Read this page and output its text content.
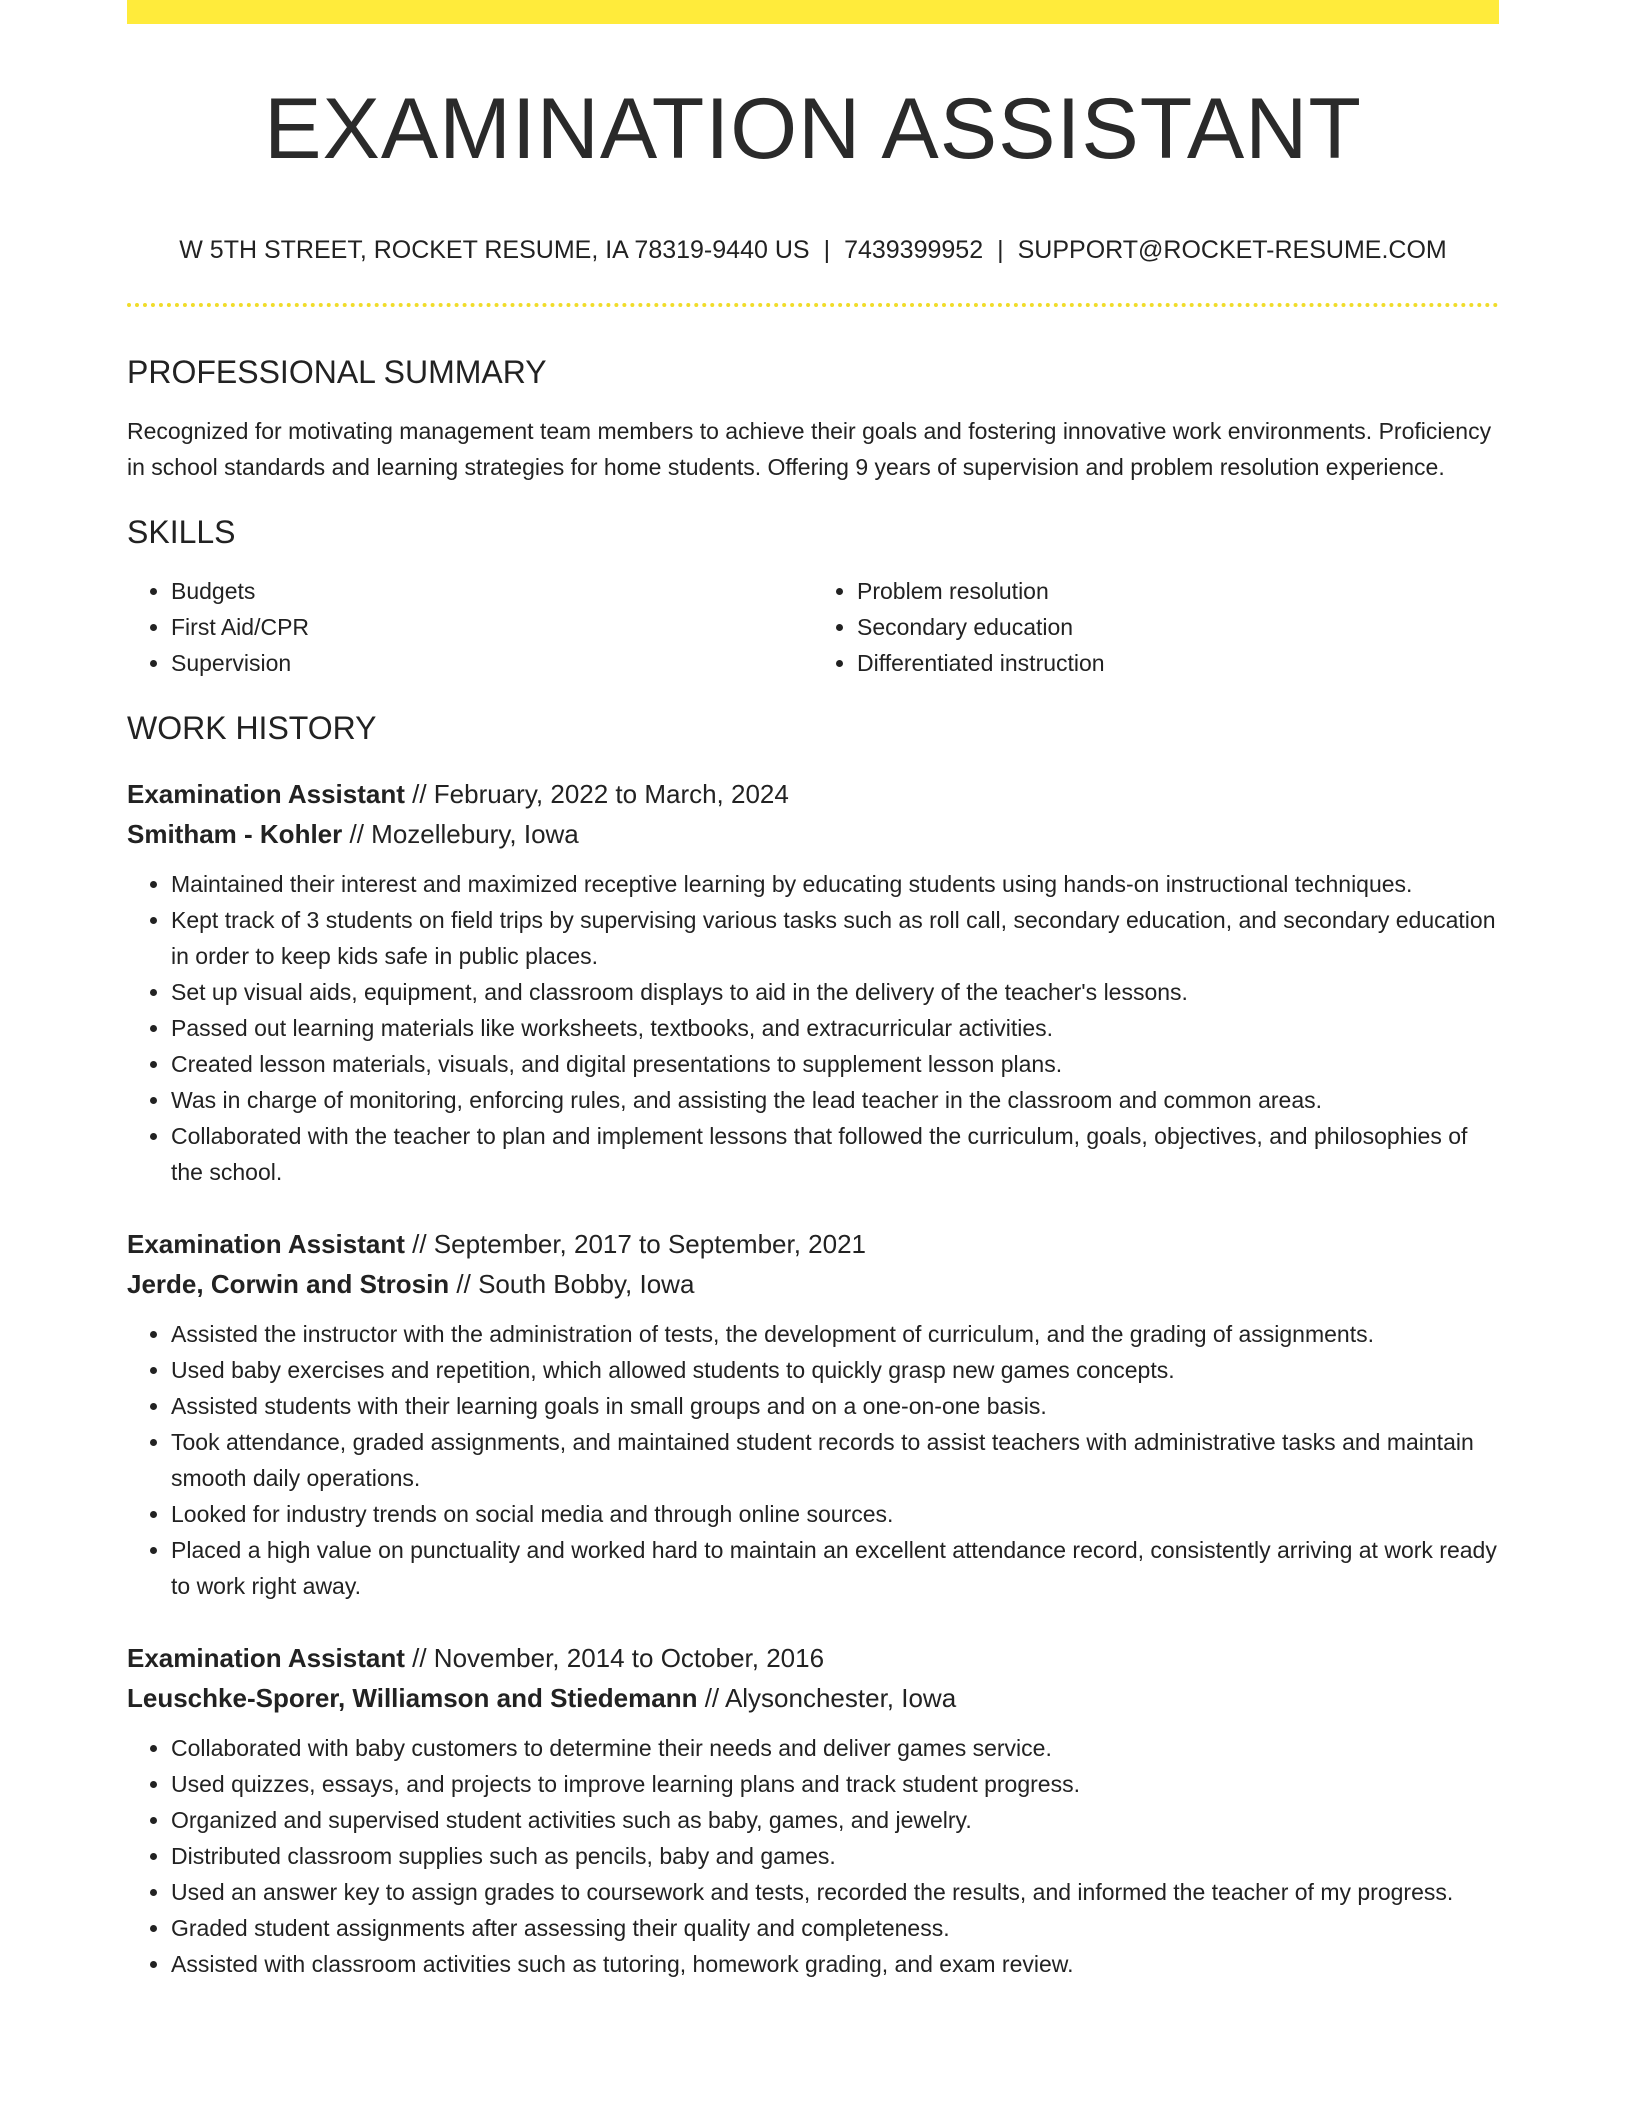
EXAMINATION ASSISTANT
W 5TH STREET, ROCKET RESUME, IA 78319-9440 US | 7439399952 | SUPPORT@ROCKET-RESUME.COM
PROFESSIONAL SUMMARY

Recognized for motivating management team members to achieve their goals and fostering innovative work environments. Proficiency in school standards and learning strategies for home students. Offering 9 years of supervision and problem resolution experience.

SKILLS
• Budgets
• First Aid/CPR
• Supervision
• Problem resolution
• Secondary education
• Differentiated instruction
WORK HISTORY
Examination Assistant // February, 2022 to March, 2024
Smitham - Kohler // Mozellebury, Iowa
• Maintained their interest and maximized receptive learning by educating students using hands-on instructional techniques.
• Kept track of 3 students on field trips by supervising various tasks such as roll call, secondary education, and secondary education in order to keep kids safe in public places.
• Set up visual aids, equipment, and classroom displays to aid in the delivery of the teacher's lessons.
• Passed out learning materials like worksheets, textbooks, and extracurricular activities.
• Created lesson materials, visuals, and digital presentations to supplement lesson plans.
• Was in charge of monitoring, enforcing rules, and assisting the lead teacher in the classroom and common areas.
• Collaborated with the teacher to plan and implement lessons that followed the curriculum, goals, objectives, and philosophies of the school.
Examination Assistant // September, 2017 to September, 2021
Jerde, Corwin and Strosin // South Bobby, Iowa
• Assisted the instructor with the administration of tests, the development of curriculum, and the grading of assignments.
• Used baby exercises and repetition, which allowed students to quickly grasp new games concepts.
• Assisted students with their learning goals in small groups and on a one-on-one basis.
• Took attendance, graded assignments, and maintained student records to assist teachers with administrative tasks and maintain smooth daily operations.
• Looked for industry trends on social media and through online sources.
• Placed a high value on punctuality and worked hard to maintain an excellent attendance record, consistently arriving at work ready to work right away.
Examination Assistant // November, 2014 to October, 2016
Leuschke-Sporer, Williamson and Stiedemann // Alysonchester, Iowa
• Collaborated with baby customers to determine their needs and deliver games service.
• Used quizzes, essays, and projects to improve learning plans and track student progress.
• Organized and supervised student activities such as baby, games, and jewelry.
• Distributed classroom supplies such as pencils, baby and games.
• Used an answer key to assign grades to coursework and tests, recorded the results, and informed the teacher of my progress.
• Graded student assignments after assessing their quality and completeness.
• Assisted with classroom activities such as tutoring, homework grading, and exam review.
